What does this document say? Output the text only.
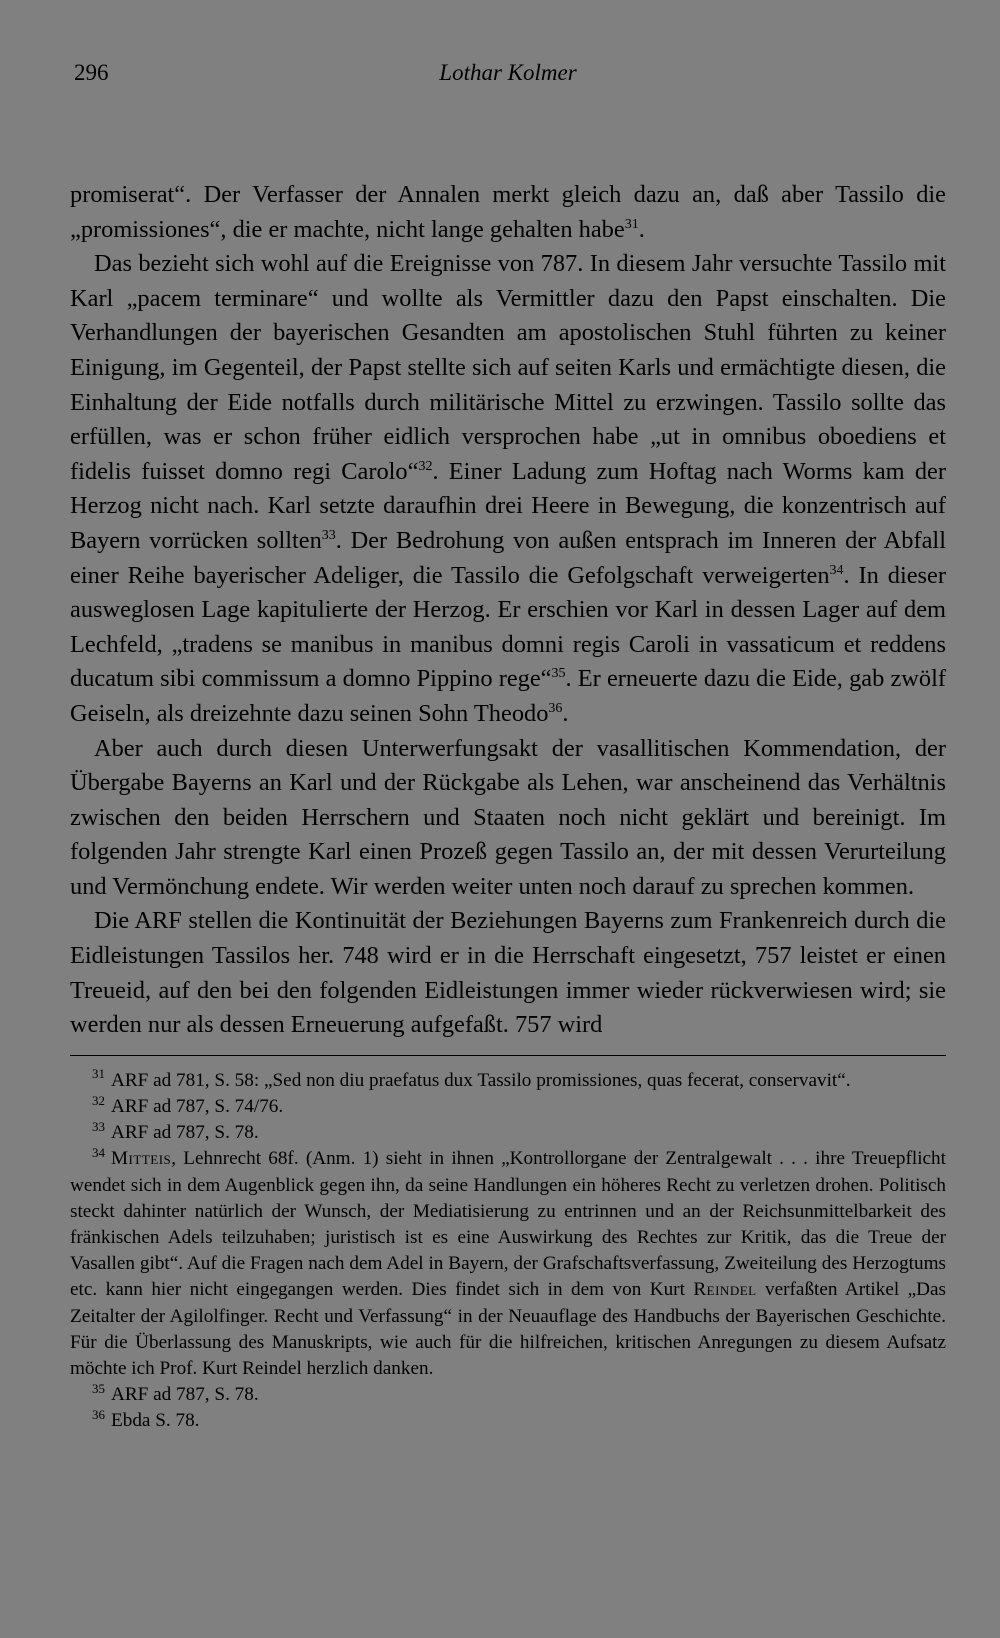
296	Lothar Kolmer

promiserat“. Der Verfasser der Annalen merkt gleich dazu an, daß aber Tassilo die „promissiones“, die er machte, nicht lange gehalten habe$^{31}$.

Das bezieht sich wohl auf die Ereignisse von 787. In diesem Jahr versuchte Tassilo mit Karl „pacem terminare“ und wollte als Vermittler dazu den Papst einschalten. Die Verhandlungen der bayerischen Gesandten am apostolischen Stuhl führten zu keiner Einigung, im Gegenteil, der Papst stellte sich auf seiten Karls und ermächtigte diesen, die Einhaltung der Eide notfalls durch militärische Mittel zu erzwingen. Tassilo sollte das erfüllen, was er schon früher eidlich versprochen habe „ut in omnibus oboediens et fidelis fuisset domno regi Carolo“$^{32}$. Einer Ladung zum Hoftag nach Worms kam der Herzog nicht nach. Karl setzte daraufhin drei Heere in Bewegung, die konzentrisch auf Bayern vorrücken sollten$^{33}$. Der Bedrohung von außen entsprach im Inneren der Abfall einer Reihe bayerischer Adeliger, die Tassilo die Gefolgschaft verweigerten$^{34}$. In dieser ausweglosen Lage kapitulierte der Herzog. Er erschien vor Karl in dessen Lager auf dem Lechfeld, „tradens se manibus in manibus domni regis Caroli in vassaticum et reddens ducatum sibi commissum a domno Pippino rege“$^{35}$. Er erneuerte dazu die Eide, gab zwölf Geiseln, als dreizehnte dazu seinen Sohn Theodo$^{36}$.

Aber auch durch diesen Unterwerfungsakt der vasallitischen Kommendation, der Übergabe Bayerns an Karl und der Rückgabe als Lehen, war anscheinend das Verhältnis zwischen den beiden Herrschern und Staaten noch nicht geklärt und bereinigt. Im folgenden Jahr strengte Karl einen Prozeß gegen Tassilo an, der mit dessen Verurteilung und Vermönchung endete. Wir werden weiter unten noch darauf zu sprechen kommen.

Die ARF stellen die Kontinuität der Beziehungen Bayerns zum Frankenreich durch die Eidleistungen Tassilos her. 748 wird er in die Herrschaft eingesetzt, 757 leistet er einen Treueid, auf den bei den folgenden Eidleistungen immer wieder rückverwiesen wird; sie werden nur als dessen Erneuerung aufgefaßt. 757 wird

$^{31}$ ARF ad 781, S. 58: „Sed non diu praefatus dux Tassilo promissiones, quas fecerat, conservavit“.

$^{32}$ ARF ad 787, S. 74/76.

$^{33}$ ARF ad 787, S. 78.

$^{34}$ Mitteis, Lehnrecht 68f. (Anm. 1) sieht in ihnen „Kontrollorgane der Zentralgewalt . . . ihre Treuepflicht wendet sich in dem Augenblick gegen ihn, da seine Handlungen ein höheres Recht zu verletzen drohen. Politisch steckt dahinter natürlich der Wunsch, der Mediatisierung zu entrinnen und an der Reichsunmittelbarkeit des fränkischen Adels teilzuhaben; juristisch ist es eine Auswirkung des Rechtes zur Kritik, das die Treue der Vasallen gibt“. Auf die Fragen nach dem Adel in Bayern, der Grafschaftsverfassung, Zweiteilung des Herzogtums etc. kann hier nicht eingegangen werden. Dies findet sich in dem von Kurt Reindel verfaßten Artikel „Das Zeitalter der Agilolfinger. Recht und Verfassung“ in der Neuauflage des Handbuchs der Bayerischen Geschichte. Für die Überlassung des Manuskripts, wie auch für die hilfreichen, kritischen Anregungen zu diesem Aufsatz möchte ich Prof. Kurt Reindel herzlich danken.

$^{35}$ ARF ad 787, S. 78.

$^{36}$ Ebda S. 78.
